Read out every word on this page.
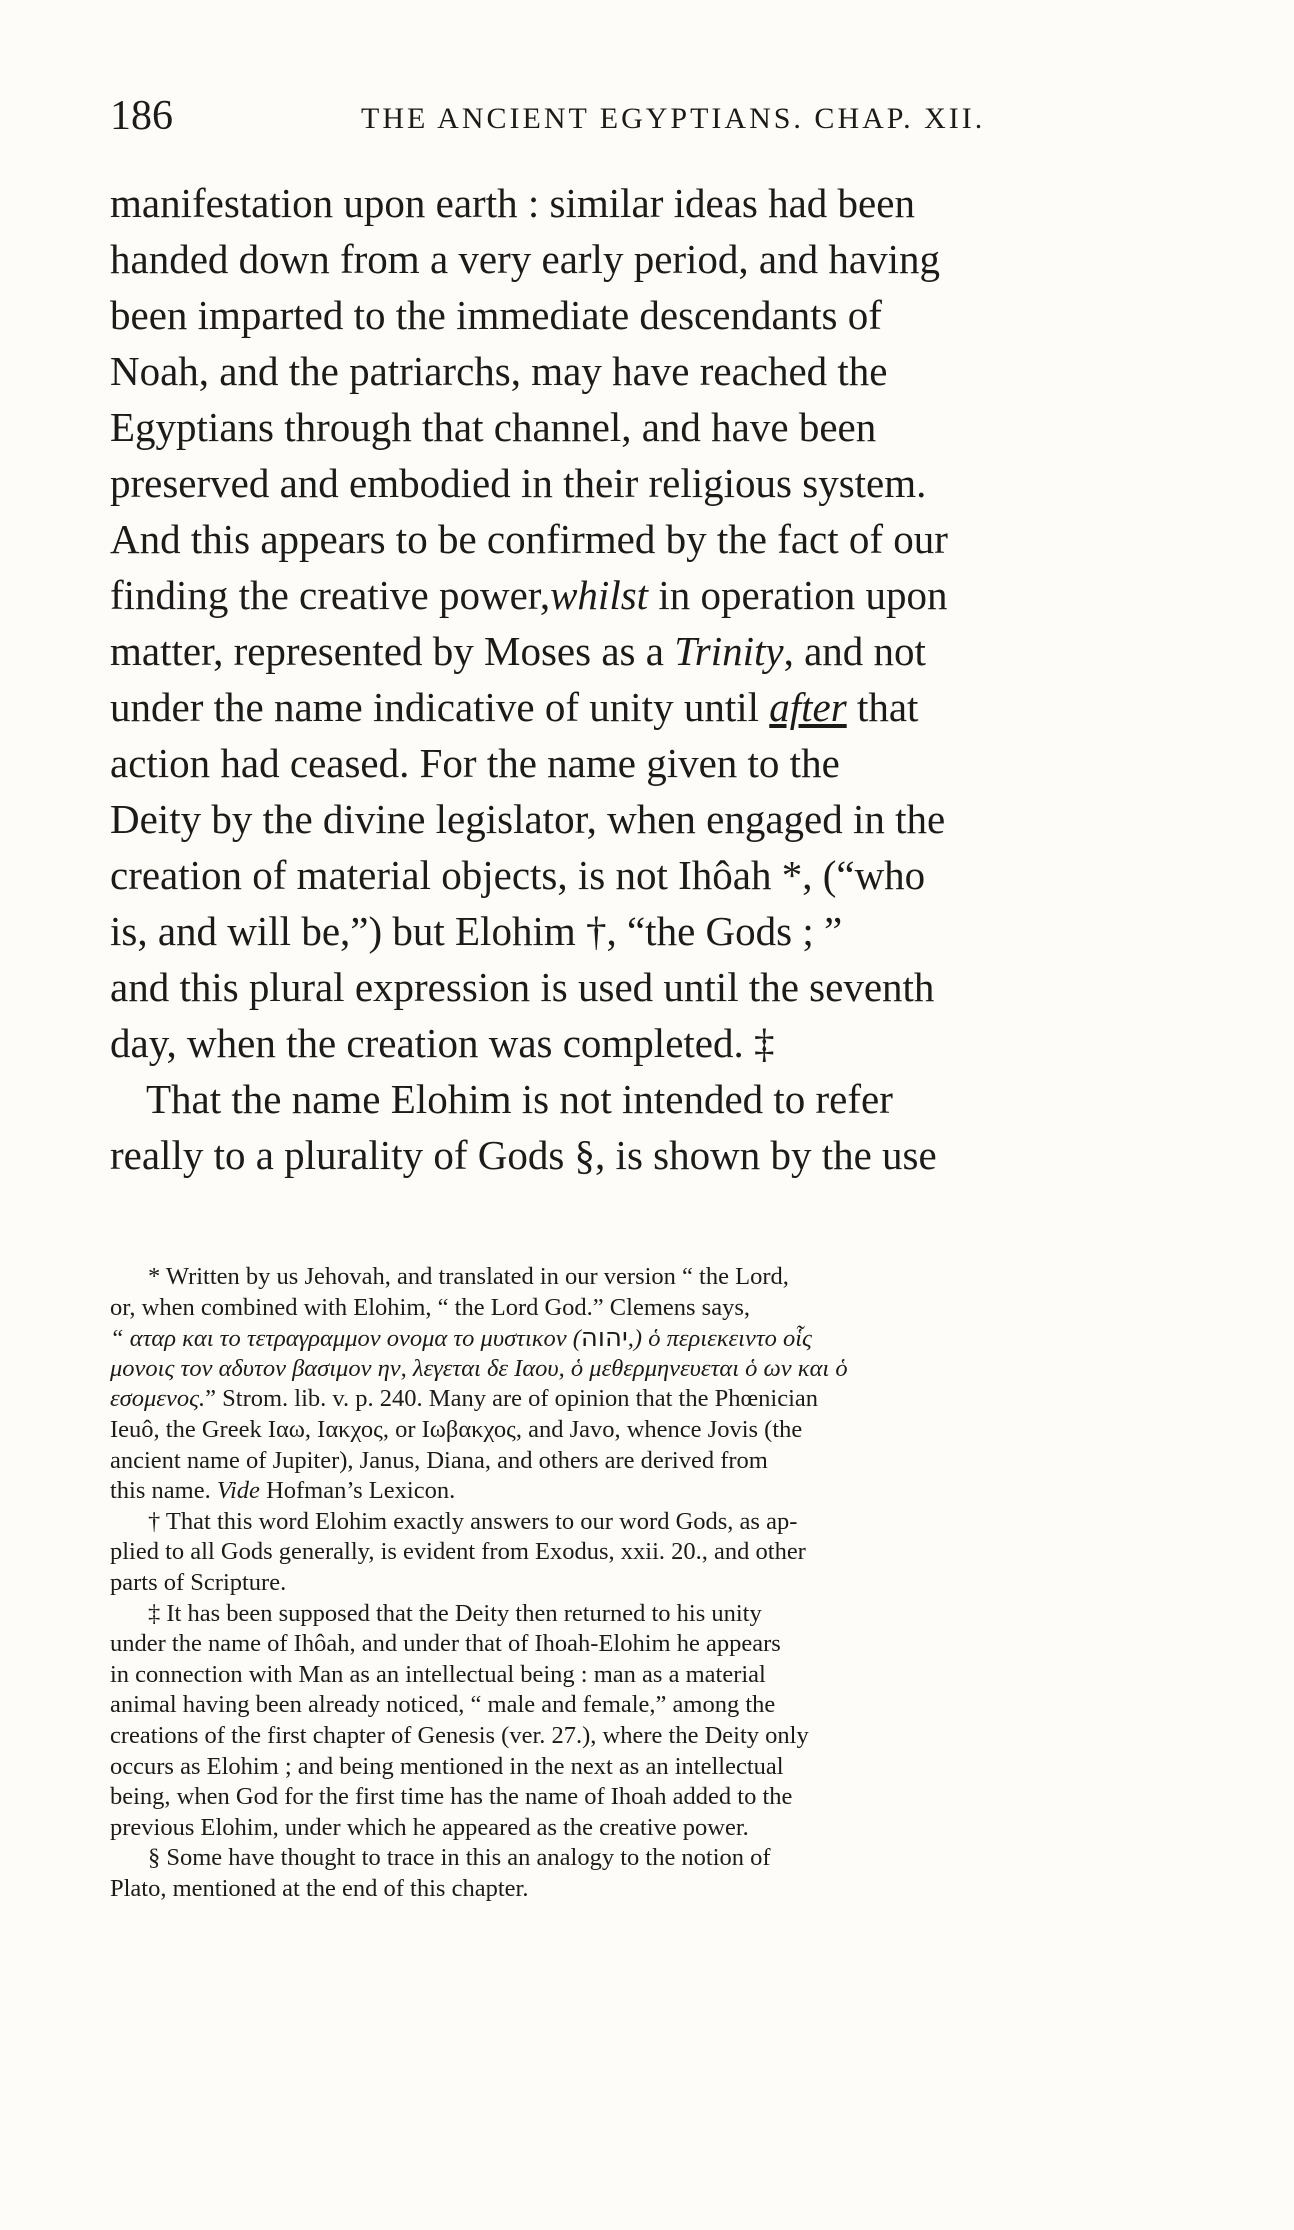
186	THE ANCIENT EGYPTIANS. CHAP. XII.
manifestation upon earth : similar ideas had been
handed down from a very early period, and having
been imparted to the immediate descendants of
Noah, and the patriarchs, may have reached the
Egyptians through that channel, and have been
preserved and embodied in their religious system.
And this appears to be confirmed by the fact of our
finding the creative power,whilst in operation upon
matter, represented by Moses as a Trinity, and not
under the name indicative of unity until after that
action had ceased. For the name given to the
Deity by the divine legislator, when engaged in the
creation of material objects, is not Ihôah *, (“who
is, and will be,”) but Elohim †, “the Gods ; ”
and this plural expression is used until the seventh
day, when the creation was completed. ‡
That the name Elohim is not intended to refer
really to a plurality of Gods §, is shown by the use
* Written by us Jehovah, and translated in our version “ the Lord,
or, when combined with Elohim, “ the Lord God.” Clemens says,
“ αταρ και το τετραγραμμον ονομα το μυστικον (יהוה,) ὁ περιεκειντο οἷς
μονοις τον αδυτον βασιμον ην, λεγεται δε Ιαου, ὁ μεθερμηνευεται ὁ ων και ὁ
εσομενος.” Strom. lib. v. p. 240. Many are of opinion that the Phœnician
Ieuô, the Greek Ιαω, Ιακχος, or Ιωβακχος, and Javo, whence Jovis (the
ancient name of Jupiter), Janus, Diana, and others are derived from
this name. Vide Hofman’s Lexicon.
† That this word Elohim exactly answers to our word Gods, as ap-
plied to all Gods generally, is evident from Exodus, xxii. 20., and other
parts of Scripture.
‡ It has been supposed that the Deity then returned to his unity
under the name of Ihôah, and under that of Ihoah-Elohim he appears
in connection with Man as an intellectual being : man as a material
animal having been already noticed, “ male and female,” among the
creations of the first chapter of Genesis (ver. 27.), where the Deity only
occurs as Elohim ; and being mentioned in the next as an intellectual
being, when God for the first time has the name of Ihoah added to the
previous Elohim, under which he appeared as the creative power.
§ Some have thought to trace in this an analogy to the notion of
Plato, mentioned at the end of this chapter.
